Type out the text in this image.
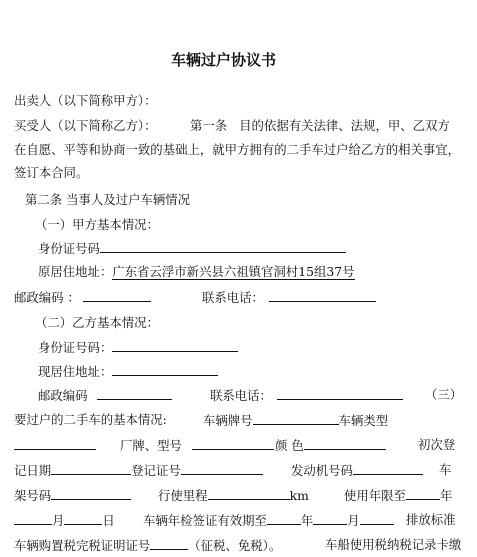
车辆过户协议书
出卖人（以下简称甲方）：
买受人（以下简称乙方）：	第一条 目的依据有关法律、法规，甲、乙双方
在自愿、平等和协商一致的基础上，就甲方拥有的二手车过户给乙方的相关事宜，
签订本合同。
第二条 当事人及过户车辆情况
（一）甲方基本情况：
身份证号码
原居住地址：广东省云浮市新兴县六祖镇官洞村15组37号
邮政编码 ：	联系电话：
（二）乙方基本情况：
身份证号码：
现居住地址：
邮政编码	联系电话：	（三）
要过户的二手车的基本情况:	车辆牌号	车辆类型
厂牌、型号	颜 色	初次登
记日期	登记证号	发动机号码	车
架号码	行使里程	km	使用年限至	年
月	日 车辆年检签证有效期至	年	月	排放标准
车辆购置税完税证明证号	（征税、免税）。	车船使用税纳税记录卡缴
